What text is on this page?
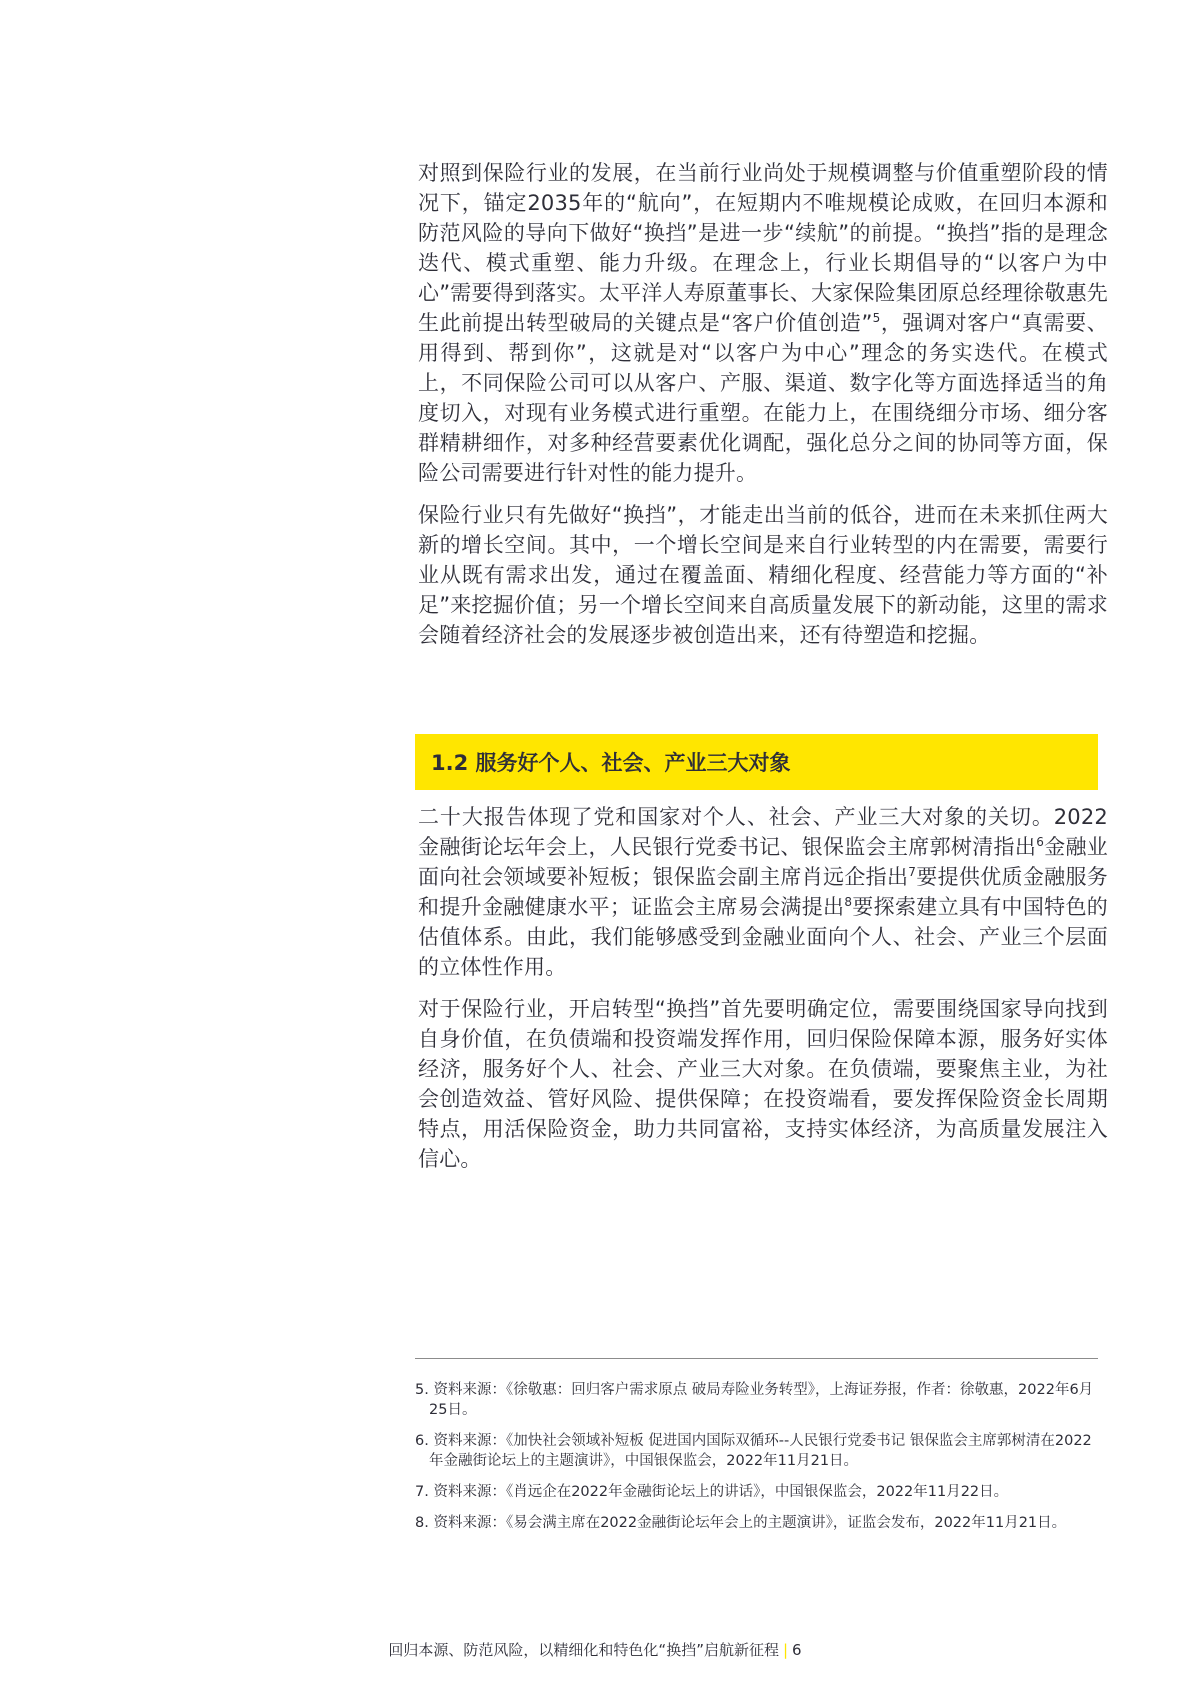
对照到保险行业的发展，在当前行业尚处于规模调整与价值重塑阶段的情况下，锚定2035年的“航向”，在短期内不唯规模论成败，在回归本源和防范风险的导向下做好“换挡”是进一步“续航”的前提。“换挡”指的是理念迭代、模式重塑、能力升级。在理念上，行业长期倡导的“以客户为中心”需要得到落实。太平洋人寿原董事长、大家保险集团原总经理徐敬惠先生此前提出转型破局的关键点是“客户价值创造”$^5$，强调对客户“真需要、用得到、帮到你”，这就是对“以客户为中心”理念的务实迭代。在模式上，不同保险公司可以从客户、产服、渠道、数字化等方面选择适当的角度切入，对现有业务模式进行重塑。在能力上，在围绕细分市场、细分客群精耕细作，对多种经营要素优化调配，强化总分之间的协同等方面，保险公司需要进行针对性的能力提升。

保险行业只有先做好“换挡”，才能走出当前的低谷，进而在未来抓住两大新的增长空间。其中，一个增长空间是来自行业转型的内在需要，需要行业从既有需求出发，通过在覆盖面、精细化程度、经营能力等方面的“补足”来挖掘价值；另一个增长空间来自高质量发展下的新动能，这里的需求会随着经济社会的发展逐步被创造出来，还有待塑造和挖掘。

1.2 服务好个人、社会、产业三大对象

二十大报告体现了党和国家对个人、社会、产业三大对象的关切。2022金融街论坛年会上，人民银行党委书记、银保监会主席郭树清指出$^6$金融业面向社会领域要补短板；银保监会副主席肖远企指出$^7$要提供优质金融服务和提升金融健康水平；证监会主席易会满提出$^8$要探索建立具有中国特色的估值体系。由此，我们能够感受到金融业面向个人、社会、产业三个层面的立体性作用。

对于保险行业，开启转型“换挡”首先要明确定位，需要围绕国家导向找到自身价值，在负债端和投资端发挥作用，回归保险保障本源，服务好实体经济，服务好个人、社会、产业三大对象。在负债端，要聚焦主业，为社会创造效益、管好风险、提供保障；在投资端看，要发挥保险资金长周期特点，用活保险资金，助力共同富裕，支持实体经济，为高质量发展注入信心。

5. 资料来源：《徐敬惠：回归客户需求原点 破局寿险业务转型》，上海证券报，作者：徐敬惠，2022年6月25日。

6. 资料来源：《加快社会领域补短板 促进国内国际双循环--人民银行党委书记 银保监会主席郭树清在2022年金融街论坛上的主题演讲》，中国银保监会，2022年11月21日。

7. 资料来源：《肖远企在2022年金融街论坛上的讲话》，中国银保监会，2022年11月22日。

8. 资料来源：《易会满主席在2022金融街论坛年会上的主题演讲》，证监会发布，2022年11月21日。

回归本源、防范风险，以精细化和特色化“换挡”启航新征程 | 6
